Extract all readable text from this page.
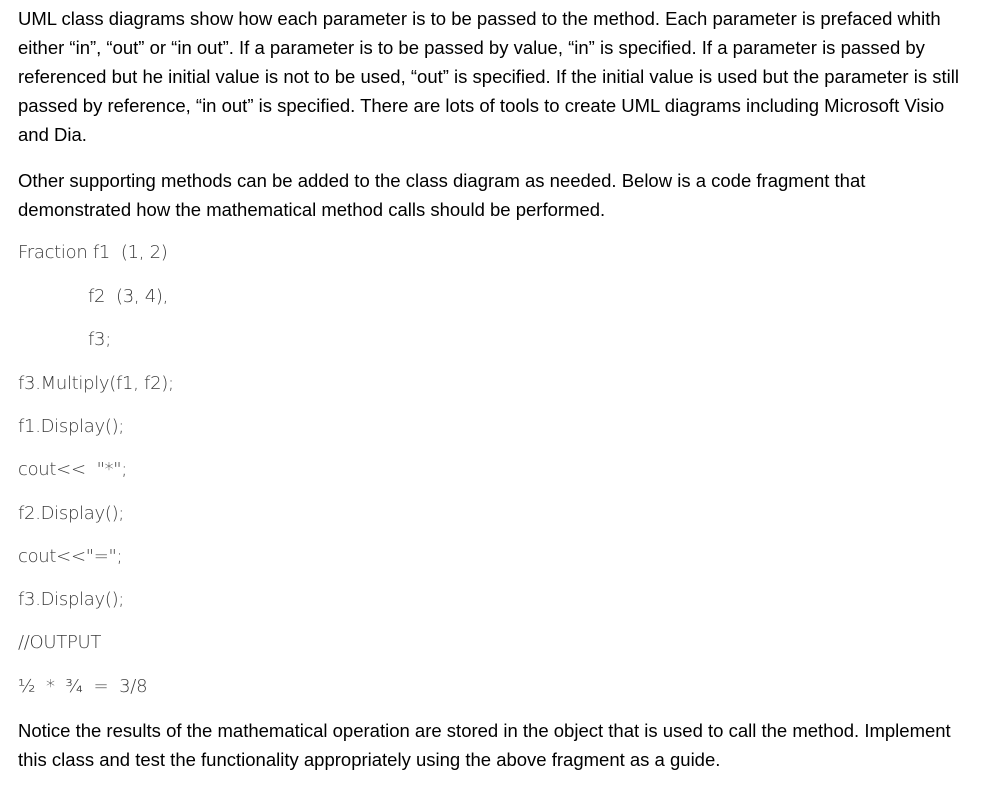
UML class diagrams show how each parameter is to be passed to the method. Each parameter is prefaced whith either “in”, “out” or “in out”. If a parameter is to be passed by value, “in” is specified. If a parameter is passed by referenced but he initial value is not to be used, “out” is specified. If the initial value is used but the parameter is still passed by reference, “in out” is specified. There are lots of tools to create UML diagrams including Microsoft Visio and Dia.

Other supporting methods can be added to the class diagram as needed. Below is a code fragment that demonstrated how the mathematical method calls should be performed.

Fraction f1  (1, 2)
f2  (3, 4),
f3;
f3.Multiply(f1, f2);
f1.Display();
cout<<  "*";
f2.Display();
cout<<"=";
f3.Display();
//OUTPUT
½  *  ¾  =  3/8

Notice the results of the mathematical operation are stored in the object that is used to call the method. Implement this class and test the functionality appropriately using the above fragment as a guide.
